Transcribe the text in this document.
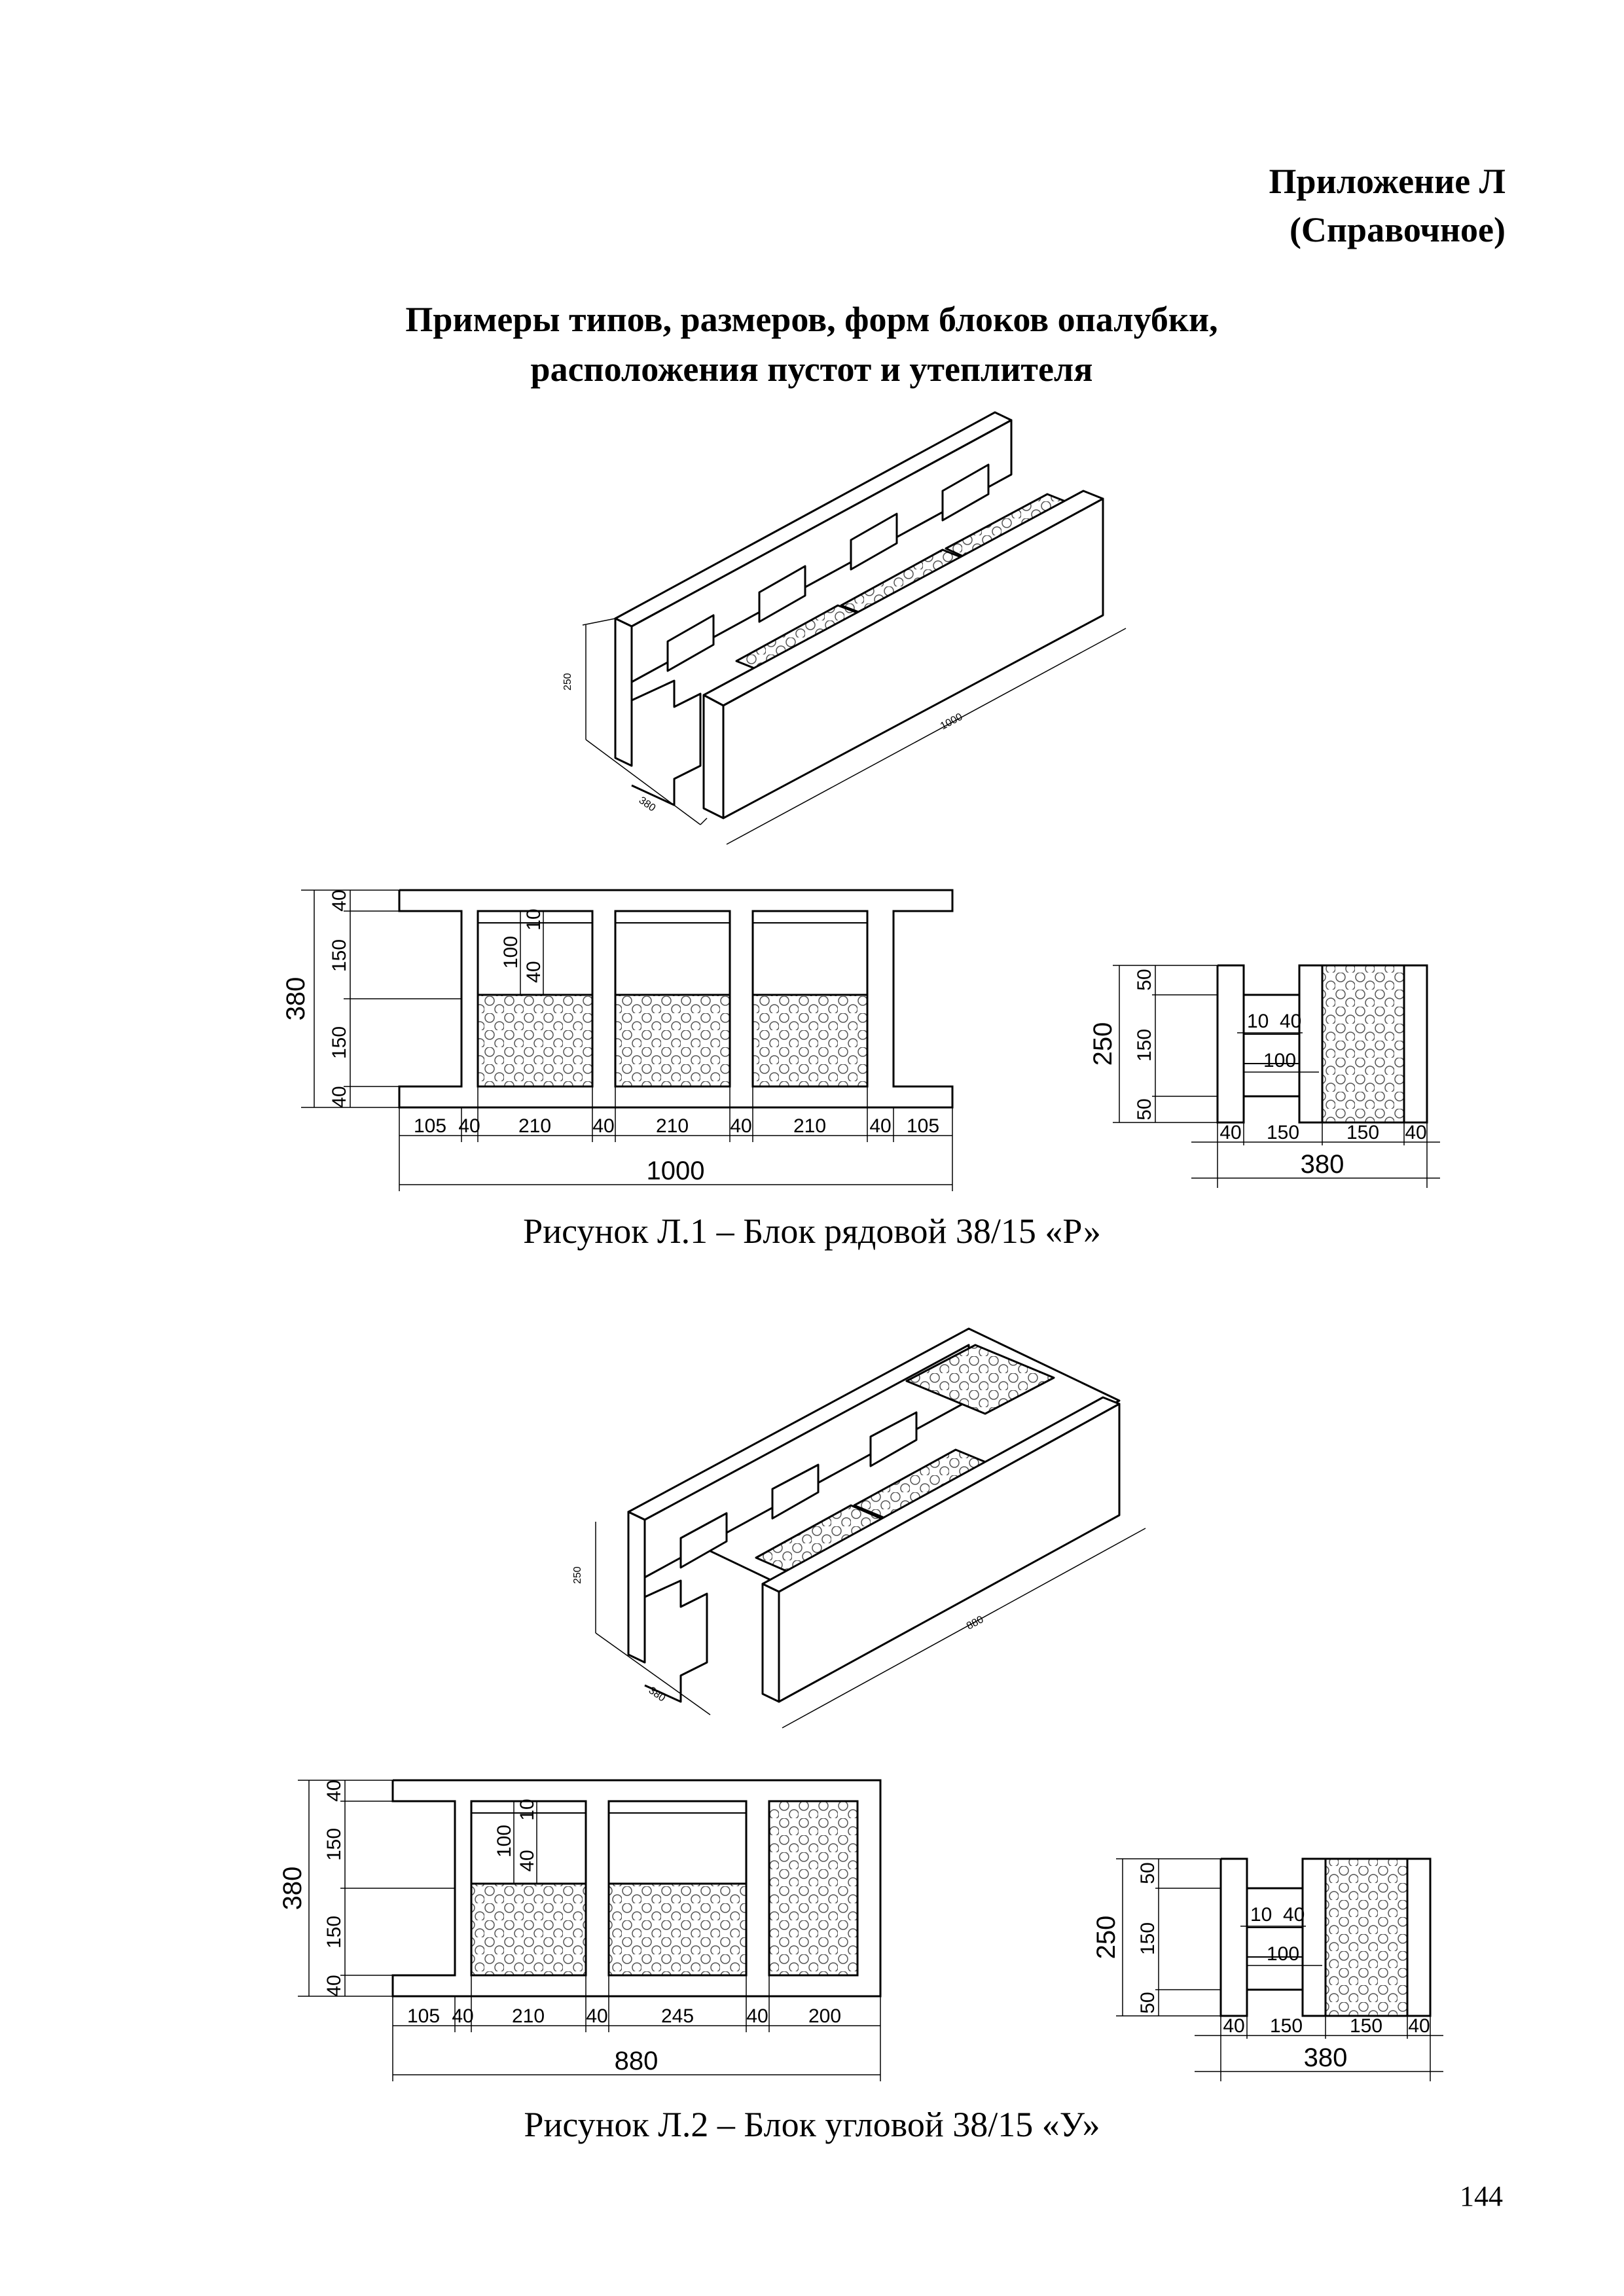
Приложение Л
(Справочное)
Примеры типов, размеров, форм блоков опалубки,
расположения пустот и утеплителя
250
380
1000
380
40
150
150
40
100
10
40
105 40 210 40 210 40 210 40 105
1000
250
50
150
50
10 40
100
40 150 150 40
380
Рисунок Л.1 – Блок рядовой 38/15 «Р»
250
380
880
380
40
150
150
40
100
10
40
105 40 210 40	245	40 200
880
250
50
150
50
10 40
100
40 150 150 40
380
Рисунок Л.2 – Блок угловой 38/15 «У»
144
